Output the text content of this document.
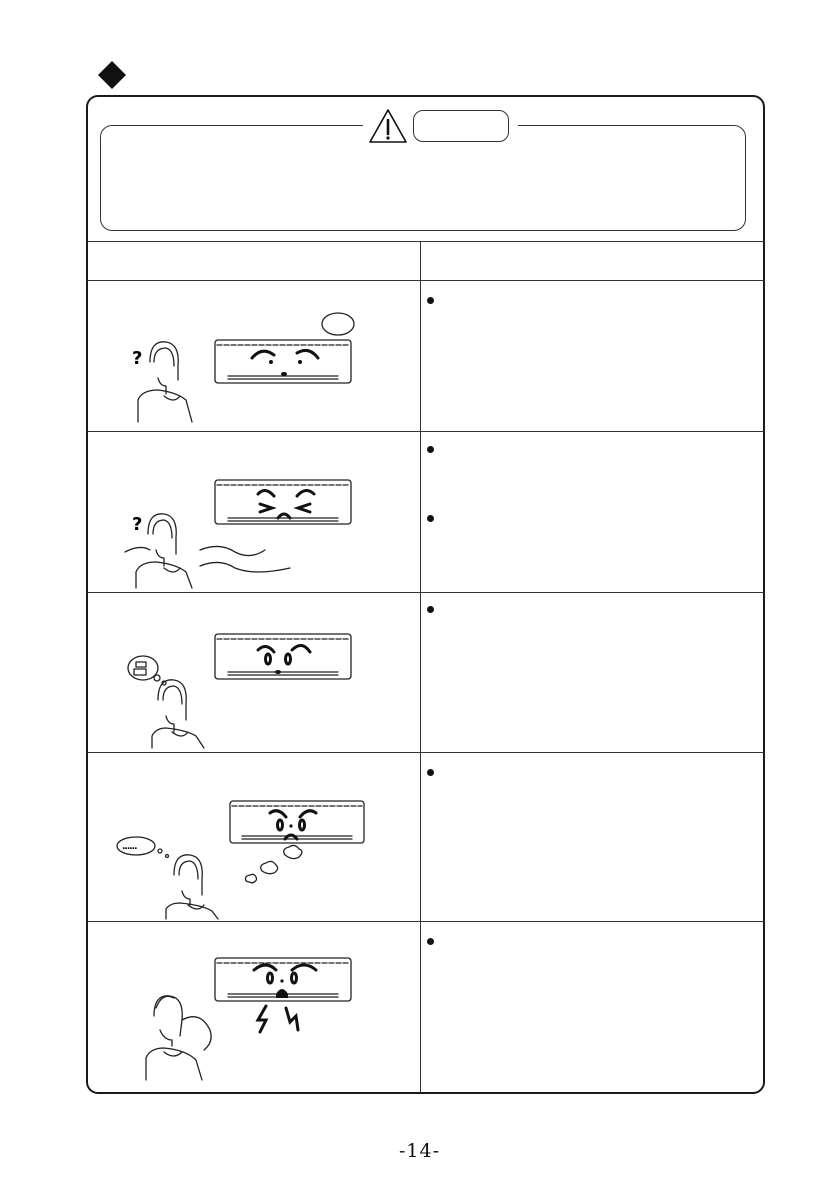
?
?
......
-14-
